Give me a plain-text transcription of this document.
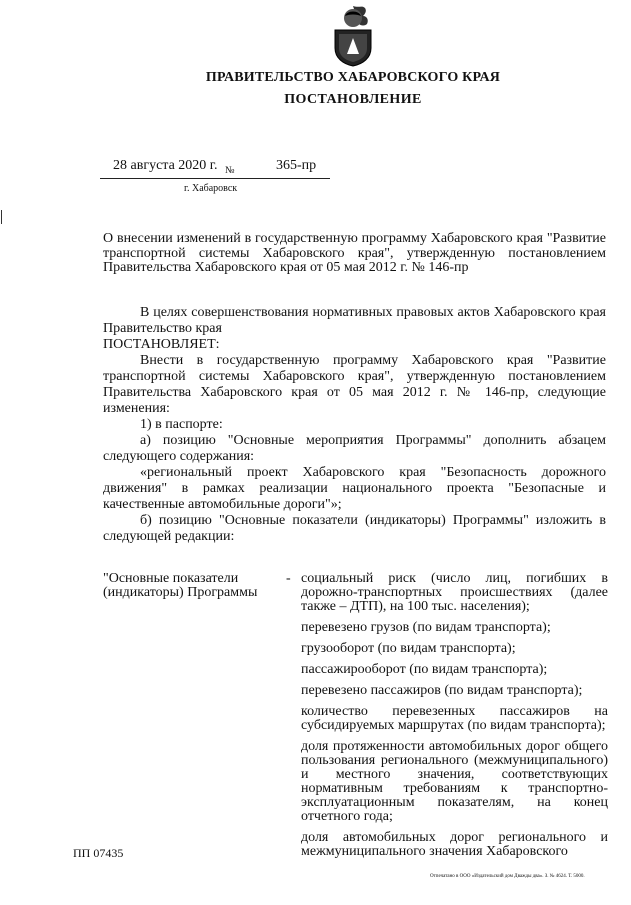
ПРАВИТЕЛЬСТВО ХАБАРОВСКОГО КРАЯ
ПОСТАНОВЛЕНИЕ
28 августа 2020 г. №	365-пр
г. Хабаровск
О внесении изменений в государственную программу Хабаровского края "Развитие транспортной системы Хабаровского края", утвержденную постановлением Правительства Хабаровского края от 05 мая 2012 г. № 146-пр

В целях совершенствования нормативных правовых актов Хабаровского края Правительство края

ПОСТАНОВЛЯЕТ:

Внести в государственную программу Хабаровского края "Развитие транспортной системы Хабаровского края", утвержденную постановлением Правительства Хабаровского края от 05 мая 2012 г. № 146-пр, следующие изменения:

1) в паспорте:

а) позицию "Основные мероприятия Программы" дополнить абзацем следующего содержания:

«региональный проект Хабаровского края "Безопасность дорожного движения" в рамках реализации национального проекта "Безопасные и качественные автомобильные дороги"»;

б) позицию "Основные показатели (индикаторы) Программы" изложить в следующей редакции:

"Основные показатели (индикаторы) Программы
- социальный риск (число лиц, погибших в дорожно-транспортных происшествиях (далее также – ДТП), на 100 тыс. населения);

перевезено грузов (по видам транспорта);

грузооборот (по видам транспорта);

пассажирооборот (по видам транспорта);

перевезено пассажиров (по видам транспорта);

количество перевезенных пассажиров на субсидируемых маршрутах (по видам транспорта);

доля протяженности автомобильных дорог общего пользования регионального (межмуниципального) и местного значения, соответствующих нормативным требованиям к транспортно-эксплуатационным показателям, на конец отчетного года;

доля автомобильных дорог регионального и межмуниципального значения Хабаровского

ПП 07435
Отпечатано в ООО «Издательский дом Дважды два». З. № 4624. Т. 5000.
